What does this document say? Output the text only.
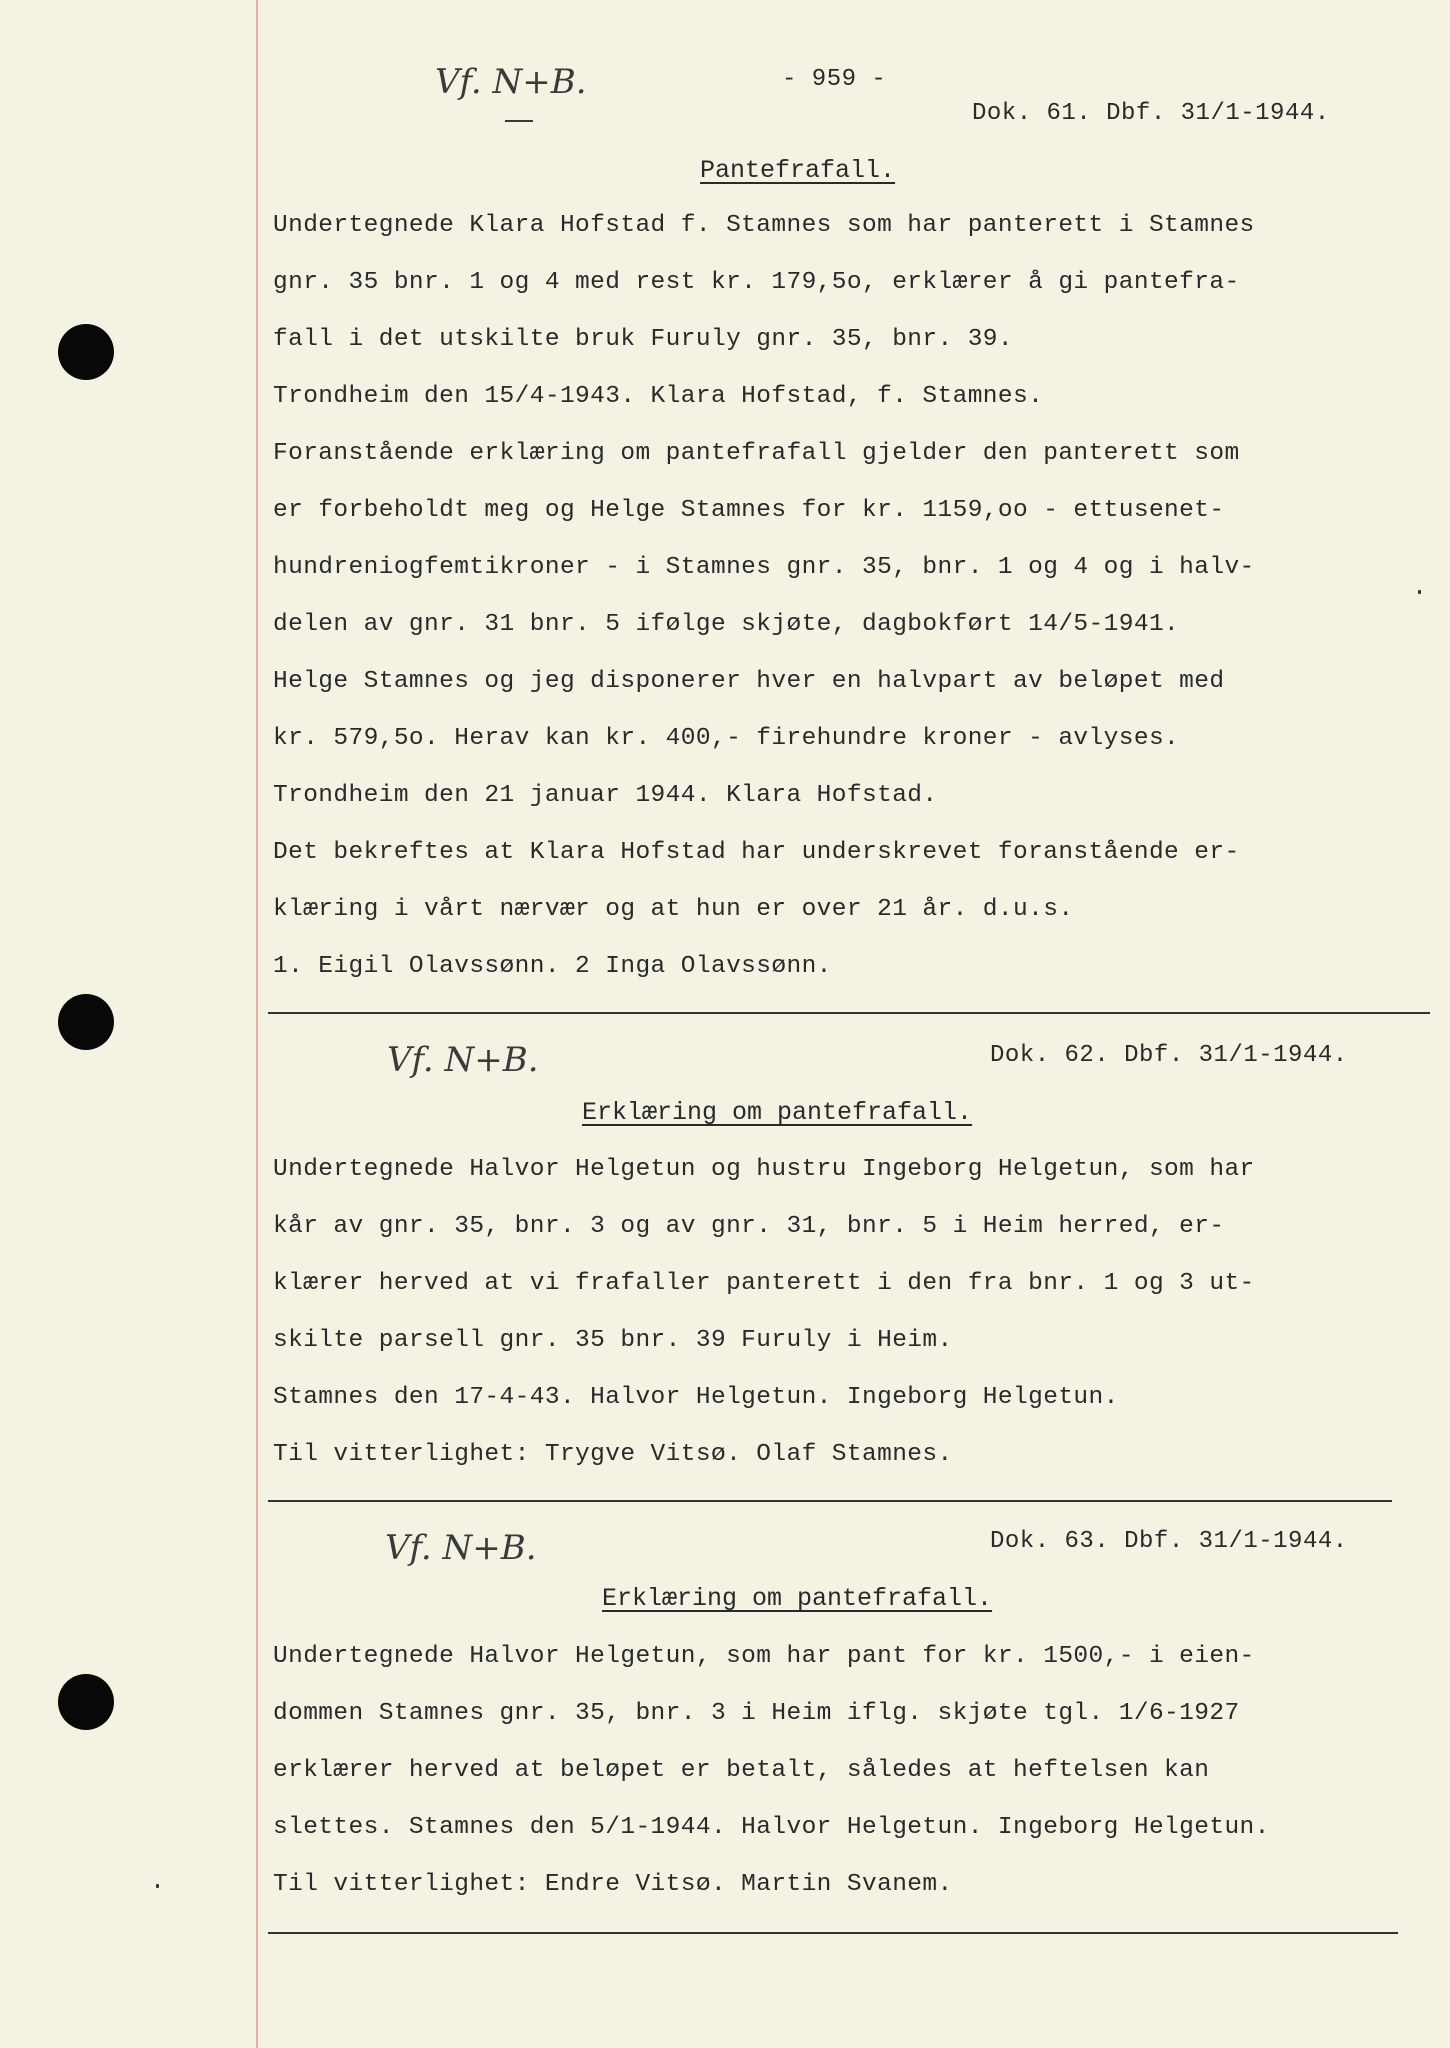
Vf. N+B.	- 959 -
Dok. 61. Dbf. 31/1-1944.
Pantefrafall.
Undertegnede Klara Hofstad f. Stamnes som har panterett i Stamnes
gnr. 35 bnr. 1 og 4 med rest kr. 179,5o, erklærer å gi pantefra-
fall i det utskilte bruk Furuly gnr. 35, bnr. 39.
Trondheim den 15/4-1943. Klara Hofstad, f. Stamnes.
Foranstående erklæring om pantefrafall gjelder den panterett som
er forbeholdt meg og Helge Stamnes for kr. 1159,oo - ettusenet-
hundreniogfemtikroner - i Stamnes gnr. 35, bnr. 1 og 4 og i halv-
delen av gnr. 31 bnr. 5 ifølge skjøte, dagbokført 14/5-1941.
Helge Stamnes og jeg disponerer hver en halvpart av beløpet med
kr. 579,5o. Herav kan kr. 400,- firehundre kroner - avlyses.
Trondheim den 21 januar 1944. Klara Hofstad.
Det bekreftes at Klara Hofstad har underskrevet foranstående er-
klæring i vårt nærvær og at hun er over 21 år. d.u.s.
1. Eigil Olavssønn. 2 Inga Olavssønn.
Vf. N+B.	Dok. 62. Dbf. 31/1-1944.
Erklæring om pantefrafall.
Undertegnede Halvor Helgetun og hustru Ingeborg Helgetun, som har
kår av gnr. 35, bnr. 3 og av gnr. 31, bnr. 5 i Heim herred, er-
klærer herved at vi frafaller panterett i den fra bnr. 1 og 3 ut-
skilte parsell gnr. 35 bnr. 39 Furuly i Heim.
Stamnes den 17-4-43. Halvor Helgetun. Ingeborg Helgetun.
Til vitterlighet: Trygve Vitsø. Olaf Stamnes.
Vf. N+B.	Dok. 63. Dbf. 31/1-1944.
Erklæring om pantefrafall.
Undertegnede Halvor Helgetun, som har pant for kr. 1500,- i eien-
dommen Stamnes gnr. 35, bnr. 3 i Heim iflg. skjøte tgl. 1/6-1927
erklærer herved at beløpet er betalt, således at heftelsen kan
slettes. Stamnes den 5/1-1944. Halvor Helgetun. Ingeborg Helgetun.
Til vitterlighet: Endre Vitsø. Martin Svanem.
